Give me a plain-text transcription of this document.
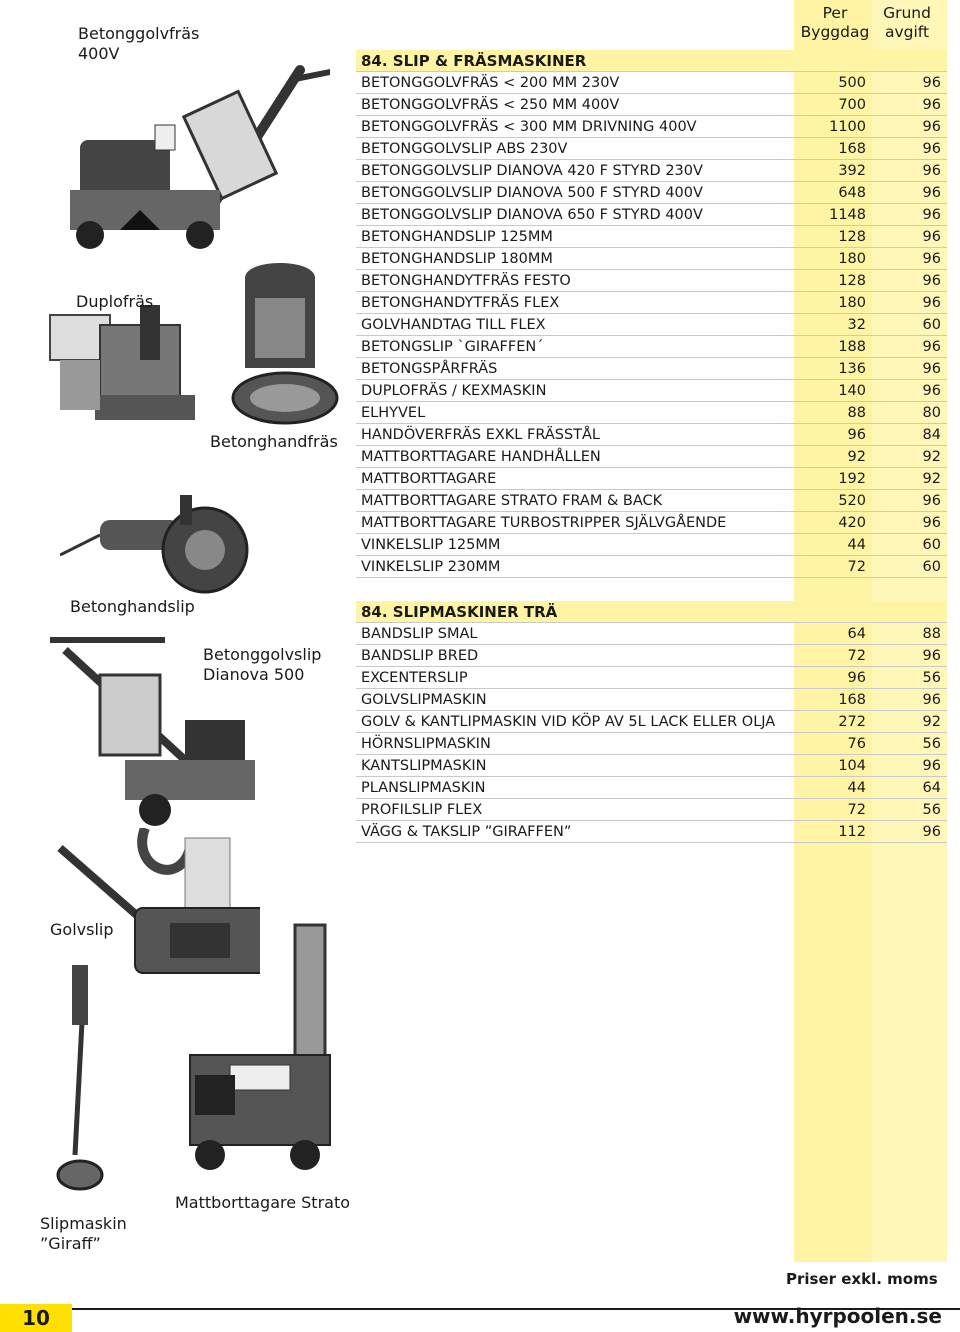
Per
Byggdag
Grund
avgift
84. SLIP & FRÄSMASKINER
BETONGGOLVFRÄS < 200 MM 230V	500	96
BETONGGOLVFRÄS < 250 MM 400V	700	96
BETONGGOLVFRÄS < 300 MM DRIVNING 400V	1100	96
BETONGGOLVSLIP ABS 230V	168	96
BETONGGOLVSLIP DIANOVA 420 F STYRD 230V	392	96
BETONGGOLVSLIP DIANOVA 500 F STYRD 400V	648	96
BETONGGOLVSLIP DIANOVA 650 F STYRD 400V	1148	96
BETONGHANDSLIP 125MM	128	96
BETONGHANDSLIP 180MM	180	96
BETONGHANDYTFRÄS FESTO	128	96
BETONGHANDYTFRÄS FLEX	180	96
GOLVHANDTAG TILL FLEX	32	60
BETONGSLIP `GIRAFFEN´	188	96
BETONGSPÅRFRÄS	136	96
DUPLOFRÄS / KEXMASKIN	140	96
ELHYVEL	88	80
HANDÖVERFRÄS EXKL FRÄSSTÅL	96	84
MATTBORTTAGARE HANDHÅLLEN	92	92
MATTBORTTAGARE	192	92
MATTBORTTAGARE STRATO FRAM & BACK	520	96
MATTBORTTAGARE TURBOSTRIPPER SJÄLVGÅENDE	420	96
VINKELSLIP 125MM	44	60
VINKELSLIP 230MM	72	60
84. SLIPMASKINER TRÄ
BANDSLIP SMAL	64	88
BANDSLIP BRED	72	96
EXCENTERSLIP	96	56
GOLVSLIPMASKIN	168	96
GOLV & KANTLIPMASKIN VID KÖP AV 5L LACK ELLER OLJA	272	92
HÖRNSLIPMASKIN	76	56
KANTSLIPMASKIN	104	96
PLANSLIPMASKIN	44	64
PROFILSLIP FLEX	72	56
VÄGG & TAKSLIP ”GIRAFFEN”	112	96
Betonggolvfräs
400V
Duplofräs
Betonghandfräs
Betonghandslip
Betonggolvslip
Dianova 500
Golvslip
Slipmaskin
”Giraff”
Mattborttagare Strato
Priser exkl. moms
10	www.hyrpoolen.se
